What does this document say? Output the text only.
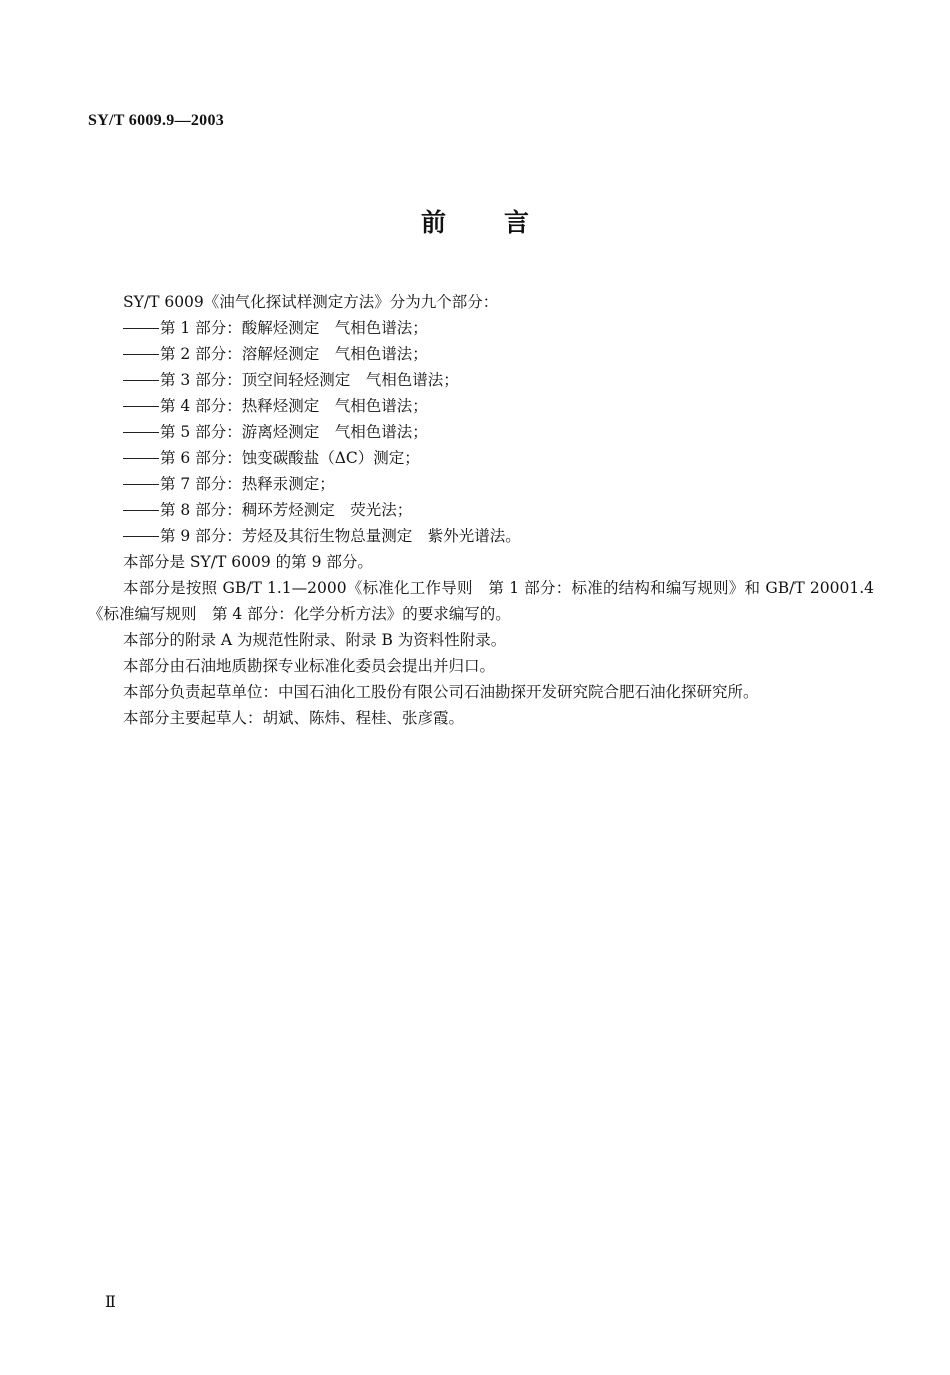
SY/T 6009.9—2003
前 言

SY/T 6009《油气化探试样测定方法》分为九个部分：

第 1 部分：酸解烃测定　气相色谱法；
第 2 部分：溶解烃测定　气相色谱法；
第 3 部分：顶空间轻烃测定　气相色谱法；
第 4 部分：热释烃测定　气相色谱法；
第 5 部分：游离烃测定　气相色谱法；
第 6 部分：蚀变碳酸盐（ΔC）测定；
第 7 部分：热释汞测定；
第 8 部分：稠环芳烃测定　荧光法；
第 9 部分：芳烃及其衍生物总量测定　紫外光谱法。

本部分是 SY/T 6009 的第 9 部分。

本部分是按照 GB/T 1.1—2000《标准化工作导则　第 1 部分：标准的结构和编写规则》和 GB/T 20001.4《标准编写规则　第 4 部分：化学分析方法》的要求编写的。

本部分的附录 A 为规范性附录、附录 B 为资料性附录。

本部分由石油地质勘探专业标准化委员会提出并归口。

本部分负责起草单位：中国石油化工股份有限公司石油勘探开发研究院合肥石油化探研究所。

本部分主要起草人：胡斌、陈炜、程桂、张彦霞。

Ⅱ
